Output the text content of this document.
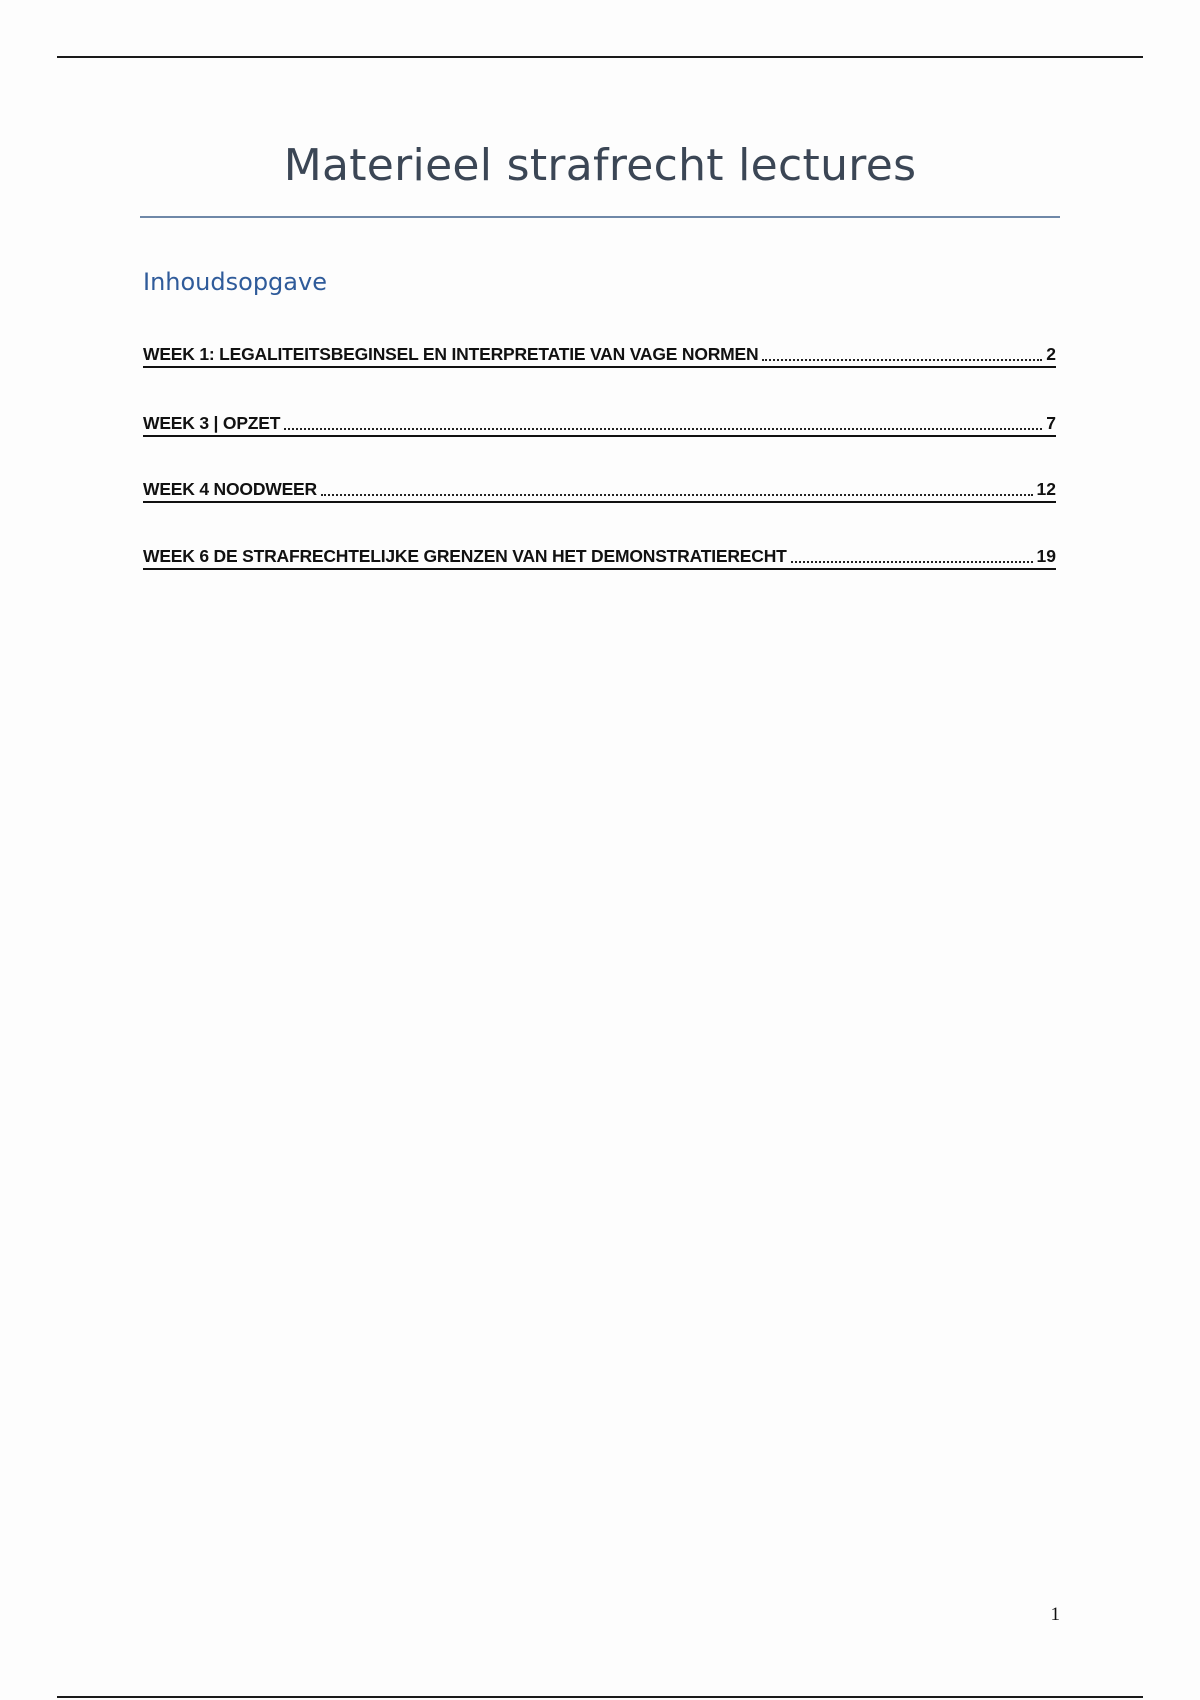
Materieel strafrecht lectures
Inhoudsopgave
WEEK 1: LEGALITEITSBEGINSEL EN INTERPRETATIE VAN VAGE NORMEN	2
WEEK 3 | OPZET	7
WEEK 4 NOODWEER	12
WEEK 6 DE STRAFRECHTELIJKE GRENZEN VAN HET DEMONSTRATIERECHT	19
1
